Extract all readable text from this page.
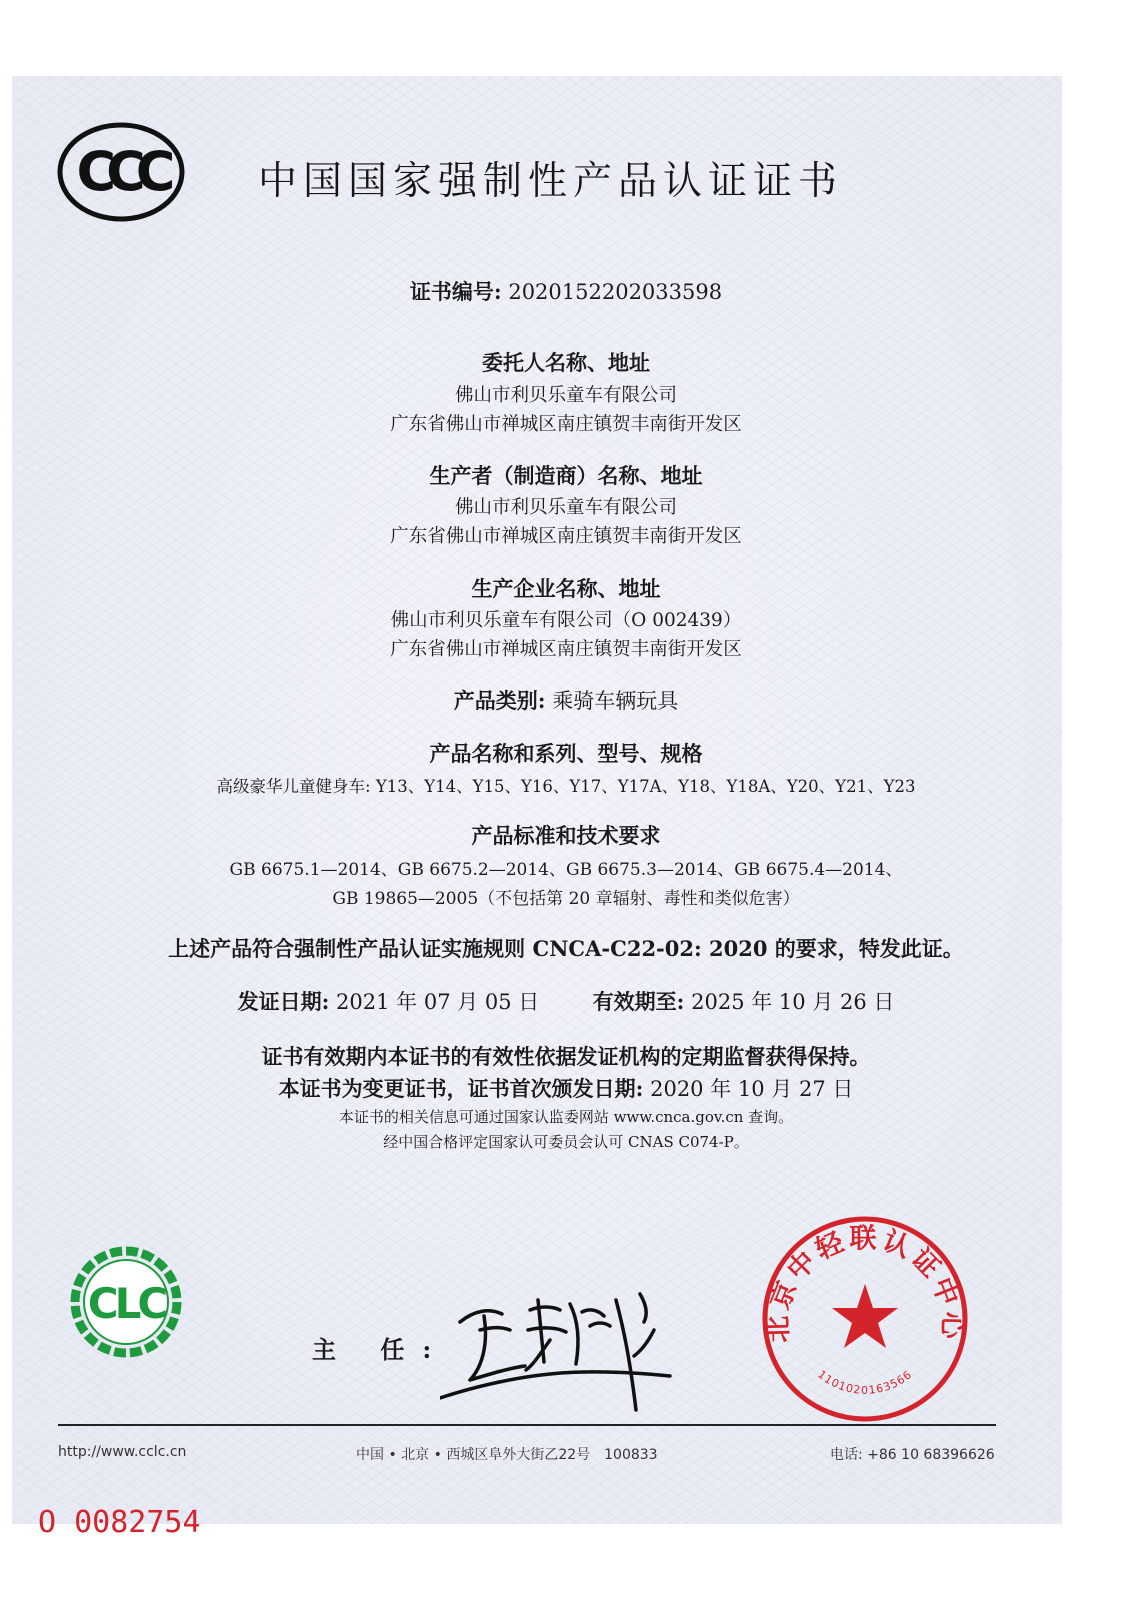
CCC 中国国家强制性产品认证证书
证书编号: 2020152202033598
委托人名称、地址
佛山市利贝乐童车有限公司
广东省佛山市禅城区南庄镇贺丰南街开发区
生产者（制造商）名称、地址
佛山市利贝乐童车有限公司
广东省佛山市禅城区南庄镇贺丰南街开发区
生产企业名称、地址
佛山市利贝乐童车有限公司（O 002439）
广东省佛山市禅城区南庄镇贺丰南街开发区
产品类别: 乘骑车辆玩具
产品名称和系列、型号、规格
高级豪华儿童健身车: Y13、Y14、Y15、Y16、Y17、Y17A、Y18、Y18A、Y20、Y21、Y23
产品标准和技术要求
GB 6675.1—2014、GB 6675.2—2014、GB 6675.3—2014、GB 6675.4—2014、
GB 19865—2005（不包括第 20 章辐射、毒性和类似危害）
上述产品符合强制性产品认证实施规则 CNCA-C22-02: 2020 的要求，特发此证。
发证日期: 2021 年 07 月 05 日	有效期至: 2025 年 10 月 26 日
证书有效期内本证书的有效性依据发证机构的定期监督获得保持。
本证书为变更证书，证书首次颁发日期: 2020 年 10 月 27 日
本证书的相关信息可通过国家认监委网站 www.cnca.gov.cn 查询。
经中国合格评定国家认可委员会认可 CNAS C074-P。
CLC
主 任:
北京中轻联认证中心
1101020163566
http://www.cclc.cn	中国 • 北京 • 西城区阜外大街乙22号　100833	电话: +86 10 68396626
O 0082754
